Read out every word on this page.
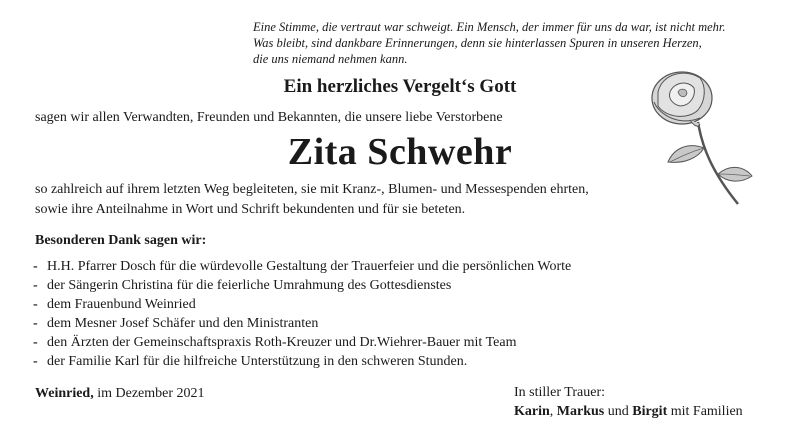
Eine Stimme, die vertraut war schweigt. Ein Mensch, der immer für uns da war, ist nicht mehr.
Was bleibt, sind dankbare Erinnerungen, denn sie hinterlassen Spuren in unseren Herzen,
die uns niemand nehmen kann.
Ein herzliches Vergelt‘s Gott
sagen wir allen Verwandten, Freunden und Bekannten, die unsere liebe Verstorbene
Zita Schwehr
so zahlreich auf ihrem letzten Weg begleiteten, sie mit Kranz-, Blumen- und Messespenden ehrten,
sowie ihre Anteilnahme in Wort und Schrift bekundenten und für sie beteten.
Besonderen Dank sagen wir:
- H.H. Pfarrer Dosch für die würdevolle Gestaltung der Trauerfeier und die persönlichen Worte
- der Sängerin Christina für die feierliche Umrahmung des Gottesdienstes
- dem Frauenbund Weinried
- dem Mesner Josef Schäfer und den Ministranten
- den Ärzten der Gemeinschaftspraxis Roth-Kreuzer und Dr.Wiehrer-Bauer mit Team
- der Familie Karl für die hilfreiche Unterstützung in den schweren Stunden.
Weinried, im Dezember 2021	In stiller Trauer:
Karin, Markus und Birgit mit Familien
